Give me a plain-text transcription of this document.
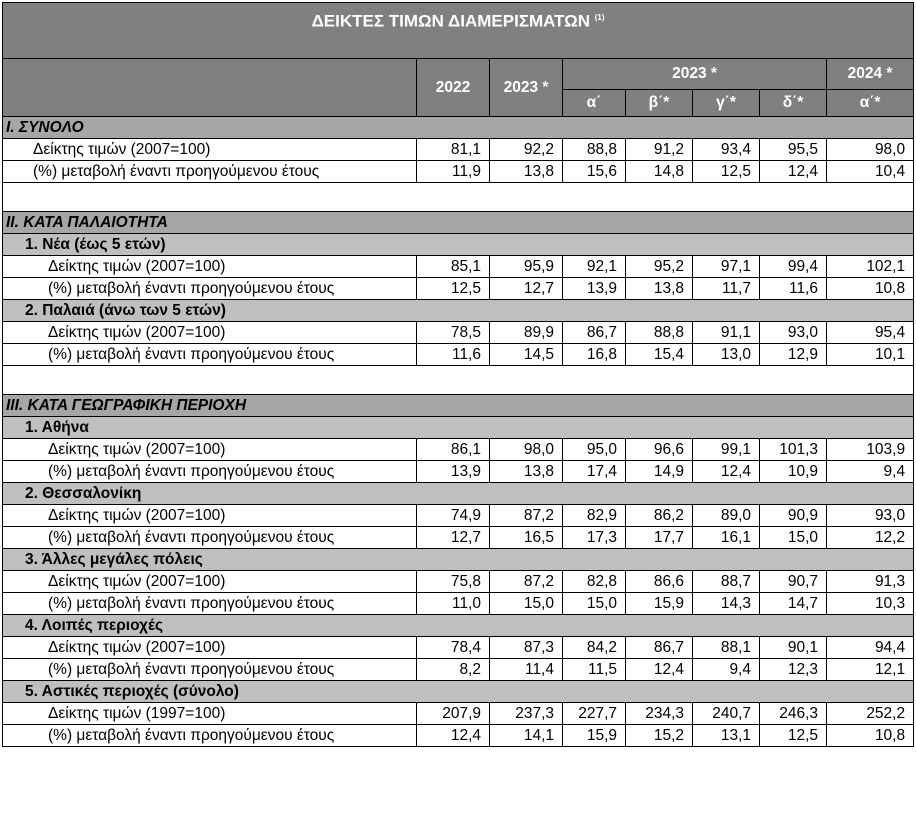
ΔΕΙΚΤΕΣ ΤΙΜΩΝ ΔΙΑΜΕΡΙΣΜΑΤΩΝ $^{(1)}$
	2022	2023 *	2023 *				2024 *
			α΄	β΄*	γ΄*	δ΄*	α΄*
I. ΣΥΝΟΛΟ							
Δείκτης τιμών (2007=100)	81,1	92,2	88,8	91,2	93,4	95,5	98,0
(%) μεταβολή έναντι προηγούμενου έτους	11,9	13,8	15,6	14,8	12,5	12,4	10,4

II. ΚΑΤΑ ΠΑΛΑΙΟΤΗΤΑ							
1. Νέα (έως 5 ετών)							
Δείκτης τιμών (2007=100)	85,1	95,9	92,1	95,2	97,1	99,4	102,1
(%) μεταβολή έναντι προηγούμενου έτους	12,5	12,7	13,9	13,8	11,7	11,6	10,8
2. Παλαιά (άνω των 5 ετών)							
Δείκτης τιμών (2007=100)	78,5	89,9	86,7	88,8	91,1	93,0	95,4
(%) μεταβολή έναντι προηγούμενου έτους	11,6	14,5	16,8	15,4	13,0	12,9	10,1

III. ΚΑΤΑ ΓΕΩΓΡΑΦΙΚΗ ΠΕΡΙΟΧΗ							
1. Αθήνα							
Δείκτης τιμών (2007=100)	86,1	98,0	95,0	96,6	99,1	101,3	103,9
(%) μεταβολή έναντι προηγούμενου έτους	13,9	13,8	17,4	14,9	12,4	10,9	9,4
2. Θεσσαλονίκη							
Δείκτης τιμών (2007=100)	74,9	87,2	82,9	86,2	89,0	90,9	93,0
(%) μεταβολή έναντι προηγούμενου έτους	12,7	16,5	17,3	17,7	16,1	15,0	12,2
3. Άλλες μεγάλες πόλεις							
Δείκτης τιμών (2007=100)	75,8	87,2	82,8	86,6	88,7	90,7	91,3
(%) μεταβολή έναντι προηγούμενου έτους	11,0	15,0	15,0	15,9	14,3	14,7	10,3
4. Λοιπές περιοχές							
Δείκτης τιμών (2007=100)	78,4	87,3	84,2	86,7	88,1	90,1	94,4
(%) μεταβολή έναντι προηγούμενου έτους	8,2	11,4	11,5	12,4	9,4	12,3	12,1
5. Αστικές περιοχές (σύνολο)							
Δείκτης τιμών (1997=100)	207,9	237,3	227,7	234,3	240,7	246,3	252,2
(%) μεταβολή έναντι προηγούμενου έτους	12,4	14,1	15,9	15,2	13,1	12,5	10,8
